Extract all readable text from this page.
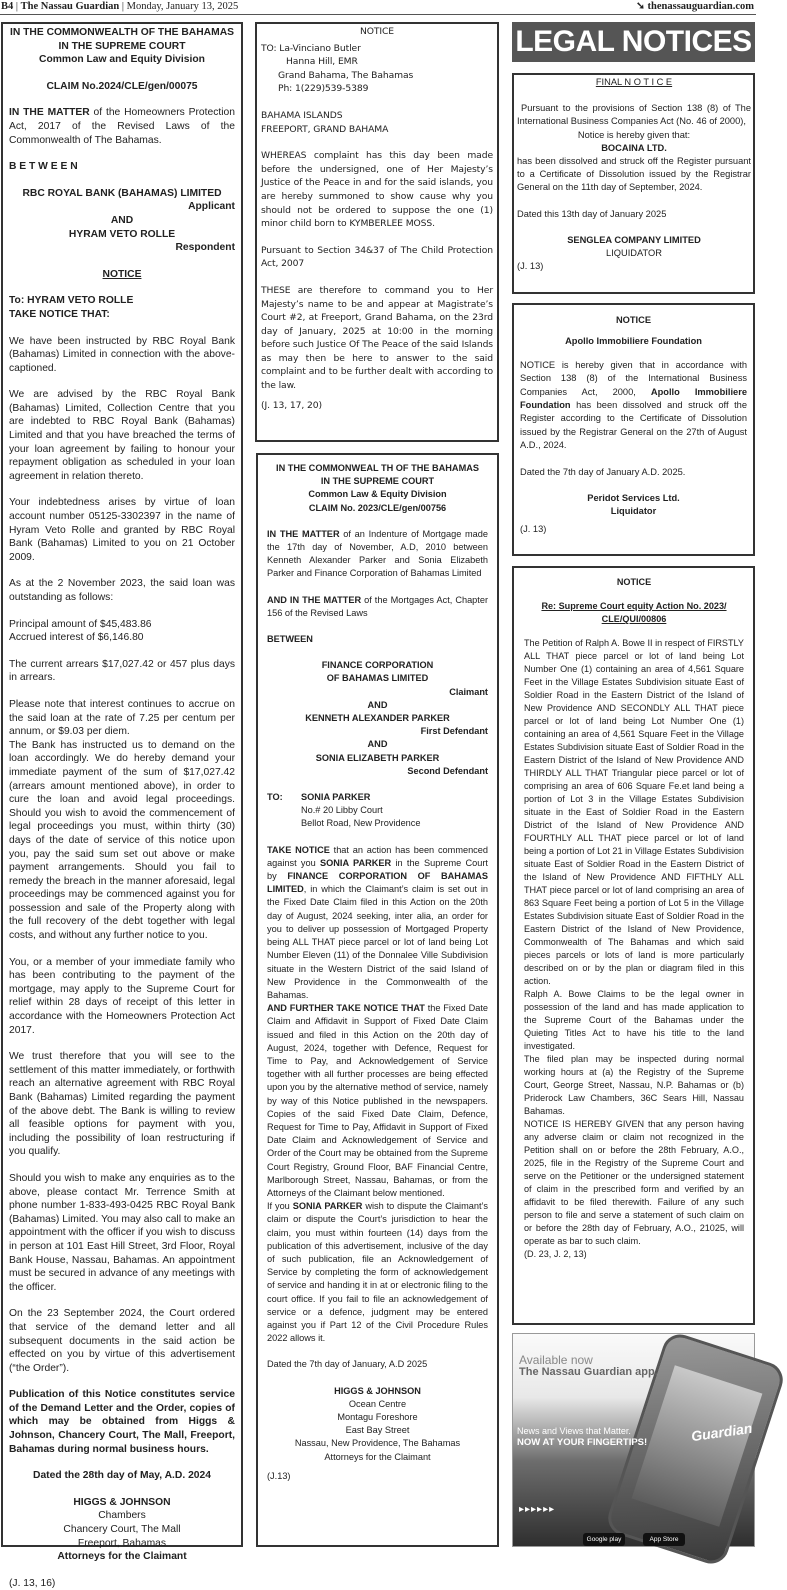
B4 | The Nassau Guardian | Monday, January 13, 2025	➘ thenassauguardian.com

IN THE COMMONWEALTH OF THE BAHAMAS

IN THE SUPREME COURT

Common Law and Equity Division

CLAIM No.2024/CLE/gen/00075

IN THE MATTER of the Homeowners Protection Act, 2017 of the Revised Laws of the Commonwealth of The Bahamas.

B E T W E E N

RBC ROYAL BANK (BAHAMAS) LIMITED

Applicant

AND

HYRAM VETO ROLLE

Respondent

NOTICE

To: HYRAM VETO ROLLE

TAKE NOTICE THAT:

We have been instructed by RBC Royal Bank (Bahamas) Limited in connection with the above-captioned.

We are advised by the RBC Royal Bank (Bahamas) Limited, Collection Centre that you are indebted to RBC Royal Bank (Bahamas) Limited and that you have breached the terms of your loan agreement by failing to honour your repayment obligation as scheduled in your loan agreement in relation thereto.

Your indebtedness arises by virtue of loan account number 05125-3302397 in the name of Hyram Veto Rolle and granted by RBC Royal Bank (Bahamas) Limited to you on 21 October 2009.

As at the 2 November 2023, the said loan was outstanding as follows:

Principal amount of $45,483.86

Accrued interest of $6,146.80

The current arrears $17,027.42 or 457 plus days in arrears.

Please note that interest continues to accrue on the said loan at the rate of 7.25 per centum per annum, or $9.03 per diem.

The Bank has instructed us to demand on the loan accordingly. We do hereby demand your immediate payment of the sum of $17,027.42 (arrears amount mentioned above), in order to cure the loan and avoid legal proceedings. Should you wish to avoid the commencement of legal proceedings you must, within thirty (30) days of the date of service of this notice upon you, pay the said sum set out above or make payment arrangements. Should you fail to remedy the breach in the manner aforesaid, legal proceedings may be commenced against you for possession and sale of the Property along with the full recovery of the debt together with legal costs, and without any further notice to you.

You, or a member of your immediate family who has been contributing to the payment of the mortgage, may apply to the Supreme Court for relief within 28 days of receipt of this letter in accordance with the Homeowners Protection Act 2017.

We trust therefore that you will see to the settlement of this matter immediately, or forthwith reach an alternative agreement with RBC Royal Bank (Bahamas) Limited regarding the payment of the above debt. The Bank is willing to review all feasible options for payment with you, including the possibility of loan restructuring if you qualify.

Should you wish to make any enquiries as to the above, please contact Mr. Terrence Smith at phone number 1-833-493-0425 RBC Royal Bank (Bahamas) Limited. You may also call to make an appointment with the officer if you wish to discuss in person at 101 East Hill Street, 3rd Floor, Royal Bank House, Nassau, Bahamas. An appointment must be secured in advance of any meetings with the officer.

On the 23 September 2024, the Court ordered that service of the demand letter and all subsequent documents in the said action be effected on you by virtue of this advertisement (“the Order”).

Publication of this Notice constitutes service of the Demand Letter and the Order, copies of which may be obtained from Higgs & Johnson, Chancery Court, The Mall, Freeport, Bahamas during normal business hours.

Dated the 28th day of May, A.D. 2024

HIGGS & JOHNSON

Chambers

Chancery Court, The Mall

Freeport, Bahamas

Attorneys for the Claimant

(J. 13, 16)

NOTICE

TO: La-Vinciano Butler

Hanna Hill, EMR

Grand Bahama, The Bahamas

Ph: 1(229)539-5389

BAHAMA ISLANDS

FREEPORT, GRAND BAHAMA

WHEREAS complaint has this day been made before the undersigned, one of Her Majesty’s Justice of the Peace in and for the said islands, you are hereby summoned to show cause why you should not be ordered to suppose the one (1) minor child born to KYMBERLEE MOSS.

Pursuant to Section 34&37 of The Child Protection Act, 2007

THESE are therefore to command you to Her Majesty’s name to be and appear at Magistrate’s Court #2, at Freeport, Grand Bahama, on the 23rd day of January, 2025 at 10:00 in the morning before such Justice Of The Peace of the said Islands as may then be here to answer to the said complaint and to be further dealt with according to the law.

(J. 13, 17, 20)

IN THE COMMONWEAL TH OF THE BAHAMAS

IN THE SUPREME COURT

Common Law & Equity Division

CLAIM No. 2023/CLE/gen/00756

IN THE MATTER of an Indenture of Mortgage made the 17th day of November, A.D, 2010 between Kenneth Alexander Parker and Sonia Elizabeth Parker and Finance Corporation of Bahamas Limited

AND IN THE MATTER of the Mortgages Act, Chapter 156 of the Revised Laws

BETWEEN

FINANCE CORPORATION

OF BAHAMAS LIMITED

Claimant

AND

KENNETH ALEXANDER PARKER

First Defendant

AND

SONIA ELIZABETH PARKER

Second Defendant

TO:	SONIA PARKER

No.# 20 Libby Court

Bellot Road, New Providence

TAKE NOTICE that an action has been commenced against you SONIA PARKER in the Supreme Court by FINANCE CORPORATION OF BAHAMAS LIMITED, in which the Claimant’s claim is set out in the Fixed Date Claim filed in this Action on the 20th day of August, 2024 seeking, inter alia, an order for you to deliver up possession of Mortgaged Property being ALL THAT piece parcel or lot of land being Lot Number Eleven (11) of the Donnalee Ville Subdivision situate in the Western District of the said Island of New Providence in the Commonwealth of the Bahamas.

AND FURTHER TAKE NOTICE THAT the Fixed Date Claim and Affidavit in Support of Fixed Date Claim issued and filed in this Action on the 20th day of August, 2024, together with Defence, Request for Time to Pay, and Acknowledgement of Service together with all further processes are being effected upon you by the alternative method of service, namely by way of this Notice published in the newspapers. Copies of the said Fixed Date Claim, Defence, Request for Time to Pay, Affidavit in Support of Fixed Date Claim and Acknowledgement of Service and Order of the Court may be obtained from the Supreme Court Registry, Ground Floor, BAF Financial Centre, Marlborough Street, Nassau, Bahamas, or from the Attorneys of the Claimant below mentioned.

If you SONIA PARKER wish to dispute the Claimant’s claim or dispute the Court’s jurisdiction to hear the claim, you must within fourteen (14) days from the publication of this advertisement, inclusive of the day of such publication, file an Acknowledgement of Service by completing the form of acknowledgement of service and handing it in at or electronic filing to the court office. If you fail to file an acknowledgement of service or a defence, judgment may be entered against you if Part 12 of the Civil Procedure Rules 2022 allows it.

Dated the 7th day of January, A.D 2025

HIGGS & JOHNSON

Ocean Centre

Montagu Foreshore

East Bay Street

Nassau, New Providence, The Bahamas

Attorneys for the Claimant

(J.13)

LEGAL NOTICES

FINAL N O T I C E

Pursuant to the provisions of Section 138 (8) of The International Business Companies Act (No. 46 of 2000),

Notice is hereby given that:

BOCAINA LTD.

has been dissolved and struck off the Register pursuant to a Certificate of Dissolution issued by the Registrar General on the 11th day of September, 2024.

Dated this 13th day of January 2025

SENGLEA COMPANY LIMITED

LIQUIDATOR

(J. 13)

NOTICE

Apollo Immobiliere Foundation

NOTICE is hereby given that in accordance with Section 138 (8) of the International Business Companies Act, 2000, Apollo Immobiliere Foundation has been dissolved and struck off the Register according to the Certificate of Dissolution issued by the Registrar General on the 27th of August A.D., 2024.

Dated the 7th day of January A.D. 2025.

Peridot Services Ltd.

Liquidator

(J. 13)

NOTICE

Re: Supreme Court equity Action No. 2023/ CLE/QUI/00806

The Petition of Ralph A. Bowe II in respect of FIRSTLY ALL THAT piece parcel or lot of land being Lot Number One (1) containing an area of 4,561 Square Feet in the Village Estates Subdivision situate East of Soldier Road in the Eastern District of the Island of New Providence AND SECONDLY ALL THAT piece parcel or lot of land being Lot Number One (1) containing an area of 4,561 Square Feet in the Village Estates Subdivision situate East of Soldier Road in the Eastern District of the Island of New Providence AND THIRDLY ALL THAT Triangular piece parcel or lot of comprising an area of 606 Square Fe.et land being a portion of Lot 3 in the Village Estates Subdivision situate in the East of Soldier Road in the Eastern District of the Island of New Providence AND FOURTHLY ALL THAT piece parcel or lot of land being a portion of Lot 21 in Village Estates Subdivision situate East of Soldier Road in the Eastern District of the Island of New Providence AND FIFTHLY ALL THAT piece parcel or lot of land comprising an area of 863 Square Feet being a portion of Lot 5 in the Village Estates Subdivision situate East of Soldier Road in the Eastern District of the Island of New Providence, Commonwealth of The Bahamas and which said pieces parcels or lots of land is more particularly described on or by the plan or diagram filed in this action.

Ralph A. Bowe Claims to be the legal owner in possession of the land and has made application to the Supreme Court of the Bahamas under the Quieting Titles Act to have his title to the land investigated.

The filed plan may be inspected during normal working hours at (a) the Registry of the Supreme Court, George Street, Nassau, N.P. Bahamas or (b) Priderock Law Chambers, 36C Sears Hill, Nassau Bahamas.

NOTICE IS HEREBY GIVEN that any person having any adverse claim or claim not recognized in the Petition shall on or before the 28th February, A.O., 2025, file in the Registry of the Supreme Court and serve on the Petitioner or the undersigned statement of claim in the prescribed form and verified by an affidavit to be filed therewith. Failure of any such person to file and serve a statement of such claim on or before the 28th day of February, A.O., 21025, will operate as bar to such claim.

(D. 23, J. 2, 13)

Guardian
Available now
The Nassau Guardian app.
News and Views that Matter.
NOW AT YOUR FINGERTIPS!
▸▸▸▸▸▸
Google play	App Store
